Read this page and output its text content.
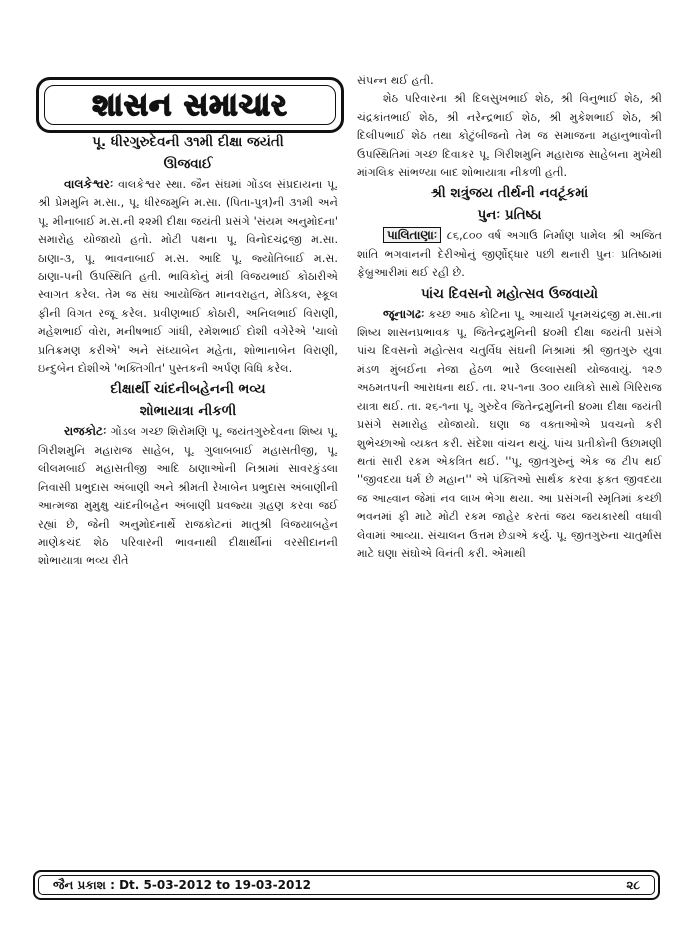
શાસન સમાચાર

પૂ. ધીરગુરુદેવની ૩૧મી દીક્ષા જયંતી

ઊજવાઈ

વાલકેશ્વરઃ વાલકેશ્વર સ્થા. જૈન સંઘમાં ગોંડલ સંપ્રદાયના પૂ. શ્રી પ્રેમમુનિ મ.સા., પૂ. ધીરજમુનિ મ.સા. (પિતા-પુત્ર)ની ૩૧મી અને પૂ. મીનાબાઈ મ.સ.ની ૨૨મી દીક્ષા જયંતી પ્રસંગે 'સંયમ અનુમોદના' સમારોહ યોજાયો હતો. મોટી પક્ષના પૂ. વિનોદચંદ્રજી મ.સા. ઠાણા-૩, પૂ. ભાવનાબાઈ મ.સ. આદિ પૂ. જ્યોતિબાઈ મ.સ. ઠાણા-૫ની ઉપસ્થિતિ હતી. ભાવિકોનું મંત્રી વિજયભાઈ કોઠારીએ સ્વાગત કરેલ. તેમ જ સંઘ આયોજિત માનવરાહત, મેડિકલ, સ્કૂલ ફીની વિગત રજૂ કરેલ. પ્રવીણભાઈ કોઠારી, અનિલભાઈ વિરાણી, મહેશભાઈ વોરા, મનીષભાઈ ગાંધી, રમેશભાઈ દોશી વગેરેએ 'ચાલો પ્રતિક્રમણ કરીએ' અને સંધ્યાબેન મહેતા, શોભાનાબેન વિરાણી, ઇન્દુબેન દોશીએ 'ભક્તિગીત' પુસ્તકની અર્પણ વિધિ કરેલ.

દીક્ષાર્થી ચાંદનીબહેનની ભવ્ય

શોભાયાત્રા નીકળી

રાજકોટઃ ગોંડલ ગચ્છ શિરોમણિ પૂ. જયંતગુરુદેવના શિષ્ય પૂ. ગિરીશમુનિ મહારાજ સાહેબ, પૂ. ગુલાબબાઈ મહાસતીજી, પૂ. લીલમબાઈ મહાસતીજી આદિ ઠાણાઓની નિશ્રામાં સાવરકુંડલા નિવાસી પ્રભુદાસ અંબાણી અને શ્રીમતી રેખાબેન પ્રભુદાસ અંબાણીની આત્મજા મુમુક્ષુ ચાંદનીબહેન અંબાણી પ્રવજ્યા ગ્રહણ કરવા જઈ રહ્યાં છે, જેની અનુમોદનાર્થે રાજકોટનાં માતુશ્રી વિજયાબહેન માણેકચંદ શેઠ પરિવારની ભાવનાથી દીક્ષાર્થીનાં વરસીદાનની શોભાયાત્રા ભવ્ય રીતે

સંપન્ન થઈ હતી.

શેઠ પરિવારના શ્રી દિલસુખભાઈ શેઠ, શ્રી વિનુભાઈ શેઠ, શ્રી ચંદ્રકાંતભાઈ શેઠ, શ્રી નરેન્દ્રભાઈ શેઠ, શ્રી મુકેશભાઈ શેઠ, શ્રી દિલીપભાઈ શેઠ તથા કોટુંબીજનો તેમ જ સમાજના મહાનુભાવોની ઉપસ્થિતિમાં ગચ્છ દિવાકર પૂ. ગિરીશમુનિ મહારાજ સાહેબના મુખેથી માંગલિક સાંભળ્યા બાદ શોભાયાત્રા નીકળી હતી.

શ્રી શત્રુંજય તીર્થની નવટૂંકમાં

પુનઃ પ્રતિષ્ઠા

પાલિતાણાઃ ૮૬,૮૦૦ વર્ષ અગાઉ નિર્માણ પામેલ શ્રી અજિત શાંતિ ભગવાનની દેરીઓનું જીર્ણોદ્ધાર પછી થનારી પુનઃ પ્રતિષ્ઠામાં ફેબ્રુઆરીમાં થઈ રહી છે.

પાંચ દિવસનો મહોત્સવ ઉજવાયો

જૂનાગઢઃ કચ્છ આઠ કોટિના પૂ. આચાર્ય પૂનમચંદ્રજી મ.સા.ના શિષ્ય શાસનપ્રભાવક પૂ. જિતેન્દ્રમુનિની ૪૦મી દીક્ષા જયંતી પ્રસંગે પાંચ દિવસનો મહોત્સવ ચતુર્વિધ સંઘની નિશ્રામાં શ્રી જીતગુરુ યુવા મંડળ મુંબઈના નેજા હેઠળ ભારે ઉલ્લાસથી યોજવાયું. ૧૨૭ અઠમતપની આરાધના થઈ. તા. ૨૫-૧ના ૩૦૦ યાત્રિકો સાથે ગિરિરાજ યાત્રા થઈ. તા. ૨૬-૧ના પૂ. ગુરુદેવ જિતેન્દ્રમુનિની ૪૦મા દીક્ષા જયંતી પ્રસંગે સમારોહ યોજાયો. ઘણા જ વક્તાઓએ પ્રવચનો કરી શુભેચ્છાઓ વ્યક્ત કરી. સંદેશા વાંચન થયું. પાંચ પ્રતીકોની ઉછામણી થતાં સારી રકમ એકત્રિત થઈ. ''પૂ. જીતગુરુનું એક જ ટીપ થઈ ''જીવદયા ધર્મ છે મહાન'' એ પંક્તિઓ સાર્થક કરવા ફક્ત જીવદયા જ આહ્વાન જેમાં નવ લાખ ભેગા થયા. આ પ્રસંગની સ્મૃતિમાં કચ્છી ભવનમાં ફી માટે મોટી રકમ જાહેર કરતાં જય જયકારથી વધાવી લેવામાં આવ્યા. સંચાલન ઉત્તમ છેડાએ કર્યુ. પૂ. જીતગુરુના ચાતુર્માસ માટે ઘણા સંઘોએ વિનંતી કરી. એમાથી

જૈન પ્રકાશ : Dt. 5-03-2012 to 19-03-2012	૨૮
